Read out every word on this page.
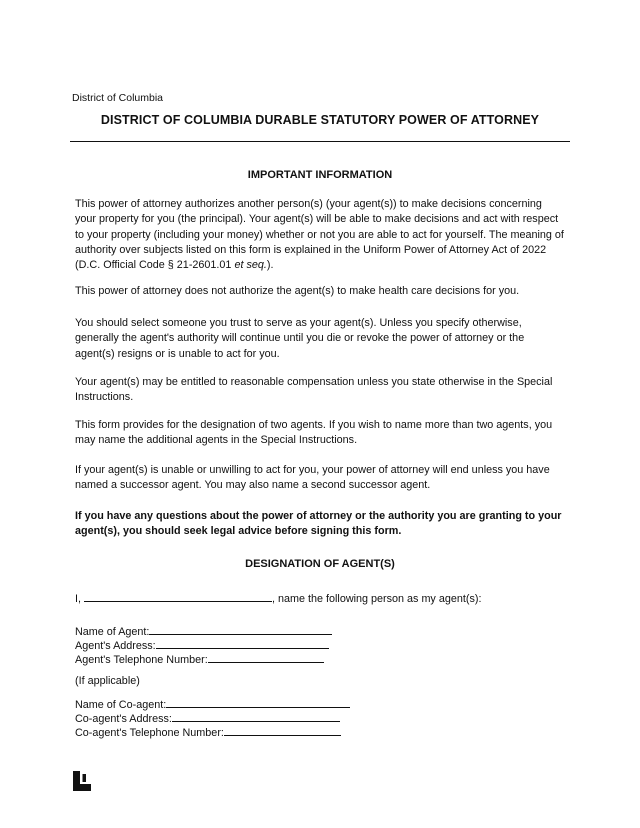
District of Columbia
DISTRICT OF COLUMBIA DURABLE STATUTORY POWER OF ATTORNEY
IMPORTANT INFORMATION

This power of attorney authorizes another person(s) (your agent(s)) to make decisions concerning your property for you (the principal). Your agent(s) will be able to make decisions and act with respect to your property (including your money) whether or not you are able to act for yourself. The meaning of authority over subjects listed on this form is explained in the Uniform Power of Attorney Act of 2022 (D.C. Official Code § 21-2601.01 et seq.).

This power of attorney does not authorize the agent(s) to make health care decisions for you.

You should select someone you trust to serve as your agent(s). Unless you specify otherwise, generally the agent's authority will continue until you die or revoke the power of attorney or the agent(s) resigns or is unable to act for you.

Your agent(s) may be entitled to reasonable compensation unless you state otherwise in the Special Instructions.

This form provides for the designation of two agents. If you wish to name more than two agents, you may name the additional agents in the Special Instructions.

If your agent(s) is unable or unwilling to act for you, your power of attorney will end unless you have named a successor agent. You may also name a second successor agent.

If you have any questions about the power of attorney or the authority you are granting to your agent(s), you should seek legal advice before signing this form.

DESIGNATION OF AGENT(S)
I,	, name the following person as my agent(s):
Name of Agent:
Agent's Address:
Agent's Telephone Number:
(If applicable)
Name of Co-agent:
Co-agent's Address:
Co-agent's Telephone Number:
